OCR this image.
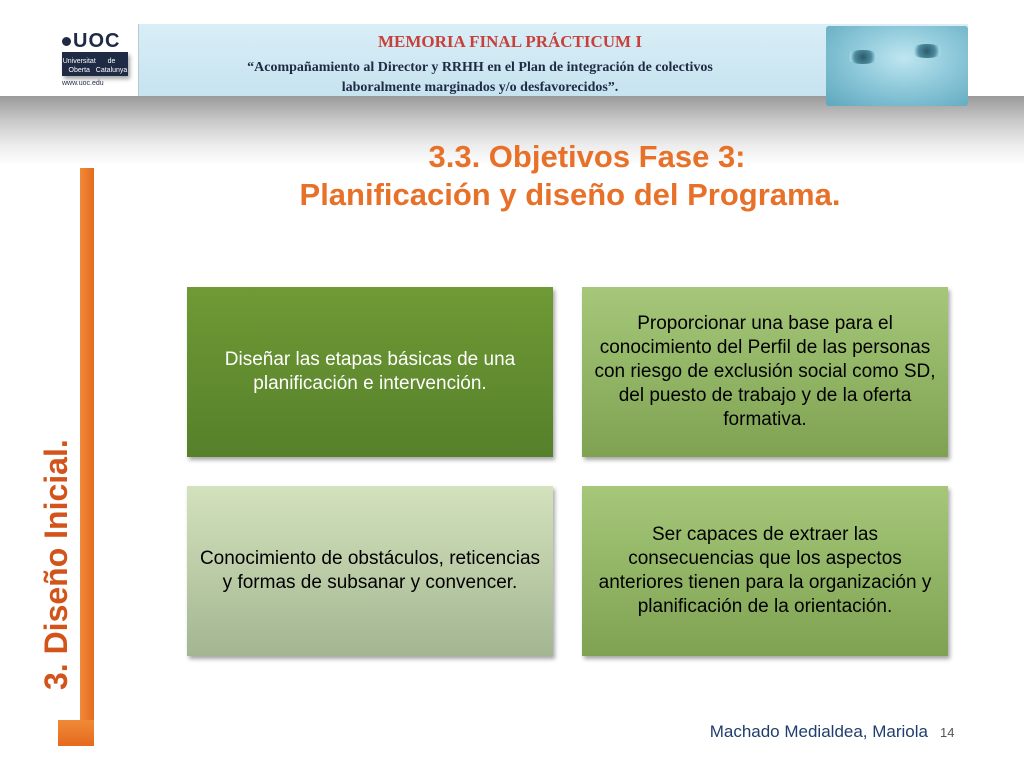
UOC
Universitat Oberta
de Catalunya
www.uoc.edu
MEMORIA FINAL PRÁCTICUM I
“Acompañamiento al Director y RRHH en el Plan de integración de colectivos
laboralmente marginados y/o desfavorecidos”.
3.3. Objetivos Fase 3:
Planificación y diseño del Programa.
3. Diseño Inicial.
Diseñar las etapas básicas de una planificación e intervención.
Proporcionar una base para el conocimiento del Perfil de las personas con riesgo de exclusión social como SD, del puesto de trabajo y de la oferta formativa.
Conocimiento de obstáculos, reticencias y formas de subsanar y convencer.
Ser capaces de extraer las consecuencias que los aspectos anteriores tienen para la organización y planificación de la orientación.
Machado Medialdea, Mariola 14
